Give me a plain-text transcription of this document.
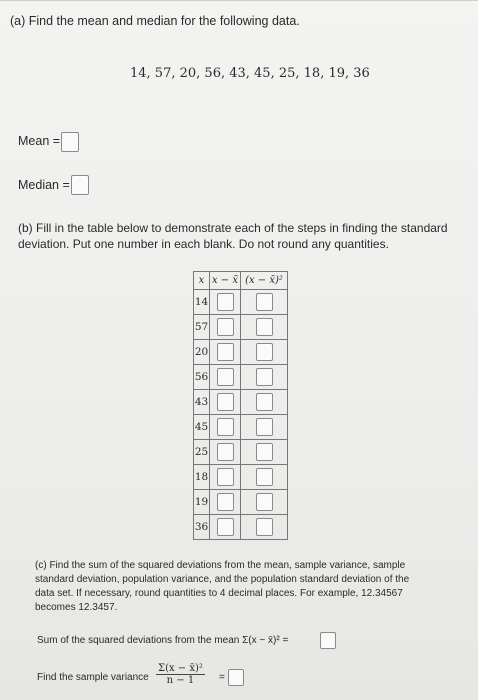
(a) Find the mean and median for the following data.
14, 57, 20, 56, 43, 45, 25, 18, 19, 36
Mean =
Median =
(b) Fill in the table below to demonstrate each of the steps in finding the standard
deviation. Put one number in each blank. Do not round any quantities.
x	x − x̄	(x − x̄)²
14		
57		
20		
56		
43		
45		
25		
18		
19		
36		
(c) Find the sum of the squared deviations from the mean, sample variance, sample
standard deviation, population variance, and the population standard deviation of the
data set. If necessary, round quantities to 4 decimal places. For example, 12.34567
becomes 12.3457.
Sum of the squared deviations from the mean Σ(x − x̄)² =
Find the sample variance $\frac{\text{Σ(x − x̄)²}}{n - 1}$ =
